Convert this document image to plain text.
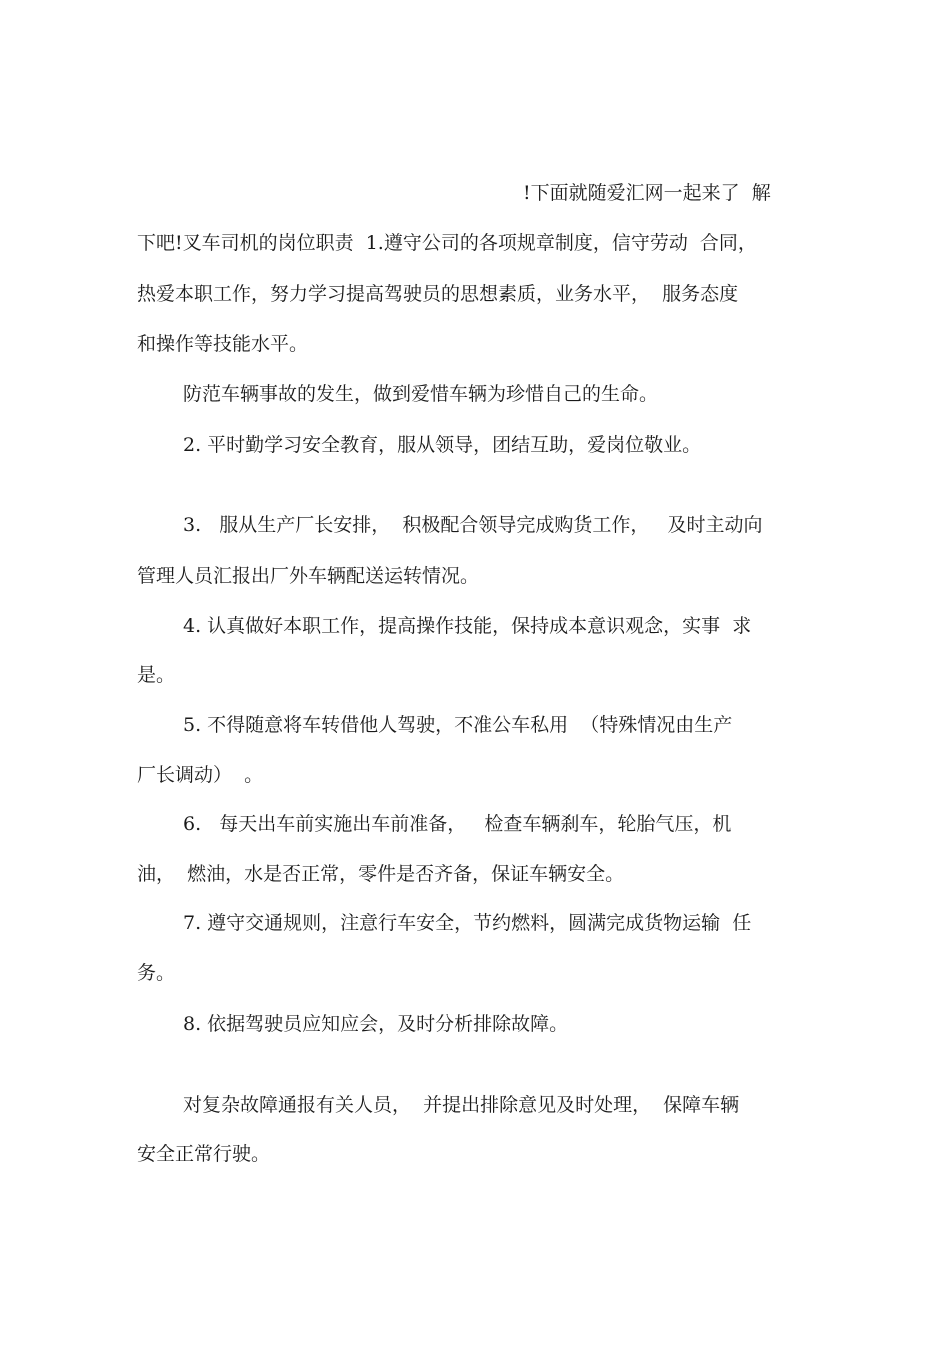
!下面就随爱汇网一起来了  解
下吧!叉车司机的岗位职责  1.遵守公司的各项规章制度，信守劳动  合同，
热爱本职工作，努力学习提高驾驶员的思想素质，业务水平，  服务态度
和操作等技能水平。
防范车辆事故的发生，做到爱惜车辆为珍惜自己的生命。
2. 平时勤学习安全教育，服从领导，团结互助，爱岗位敬业。
3.   服从生产厂长安排，  积极配合领导完成购货工作，   及时主动向
管理人员汇报出厂外车辆配送运转情况。
4. 认真做好本职工作，提高操作技能，保持成本意识观念，实事  求
是。
5. 不得随意将车转借他人驾驶，不准公车私用  （特殊情况由生产
厂长调动）  。
6.   每天出车前实施出车前准备，   检查车辆刹车，轮胎气压，机
油，  燃油，水是否正常，零件是否齐备，保证车辆安全。
7. 遵守交通规则，注意行车安全，节约燃料，圆满完成货物运输  任
务。
8. 依据驾驶员应知应会，及时分析排除故障。
对复杂故障通报有关人员，  并提出排除意见及时处理，  保障车辆
安全正常行驶。
